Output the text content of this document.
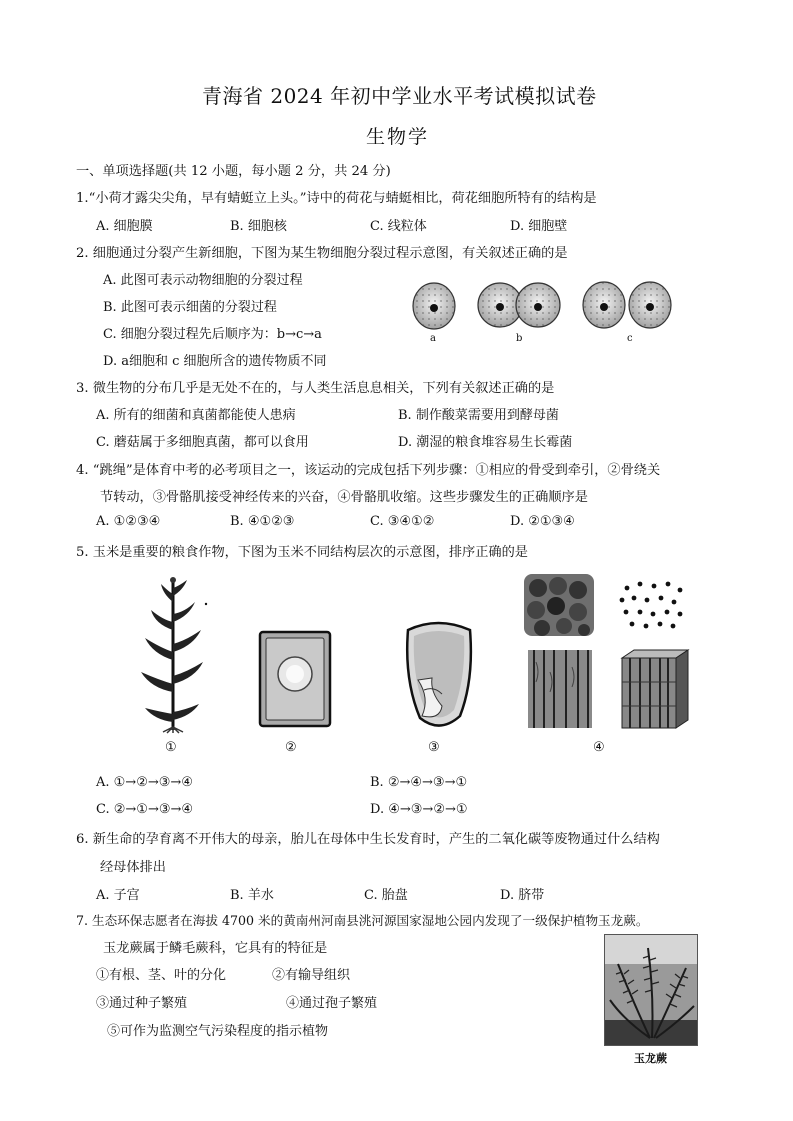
青海省 2024 年初中学业水平考试模拟试卷
生物学
一、单项选择题(共 12 小题，每小题 2 分，共 24 分)
1.“小荷才露尖尖角，早有蜻蜓立上头。”诗中的荷花与蜻蜓相比，荷花细胞所特有的结构是
A. 细胞膜	B. 细胞核	C. 线粒体	D. 细胞壁
2. 细胞通过分裂产生新细胞，下图为某生物细胞分裂过程示意图，有关叙述正确的是
A. 此图可表示动物细胞的分裂过程
B. 此图可表示细菌的分裂过程
C. 细胞分裂过程先后顺序为：b→c→a
D. a细胞和 c 细胞所含的遗传物质不同
a	b	c
3. 微生物的分布几乎是无处不在的，与人类生活息息相关，下列有关叙述正确的是
A. 所有的细菌和真菌都能使人患病	B. 制作酸菜需要用到酵母菌
C. 蘑菇属于多细胞真菌，都可以食用	D. 潮湿的粮食堆容易生长霉菌
4. “跳绳”是体育中考的必考项目之一，该运动的完成包括下列步骤：①相应的骨受到牵引，②骨绕关
节转动，③骨骼肌接受神经传来的兴奋，④骨骼肌收缩。这些步骤发生的正确顺序是
A. ①②③④	B. ④①②③	C. ③④①②	D. ②①③④
5. 玉米是重要的粮食作物，下图为玉米不同结构层次的示意图，排序正确的是
①	②	③	④
A. ①→②→③→④	B. ②→④→③→①
C. ②→①→③→④	D. ④→③→②→①
6. 新生命的孕育离不开伟大的母亲，胎儿在母体中生长发育时，产生的二氧化碳等废物通过什么结构
经母体排出
A. 子宫	B. 羊水	C. 胎盘	D. 脐带
7. 生态环保志愿者在海拔 4700 米的黄南州河南县洮河源国家湿地公园内发现了一级保护植物玉龙蕨。
玉龙蕨属于鳞毛蕨科，它具有的特征是
①有根、茎、叶的分化	②有输导组织
③通过种子繁殖	④通过孢子繁殖
⑤可作为监测空气污染程度的指示植物
玉龙蕨
